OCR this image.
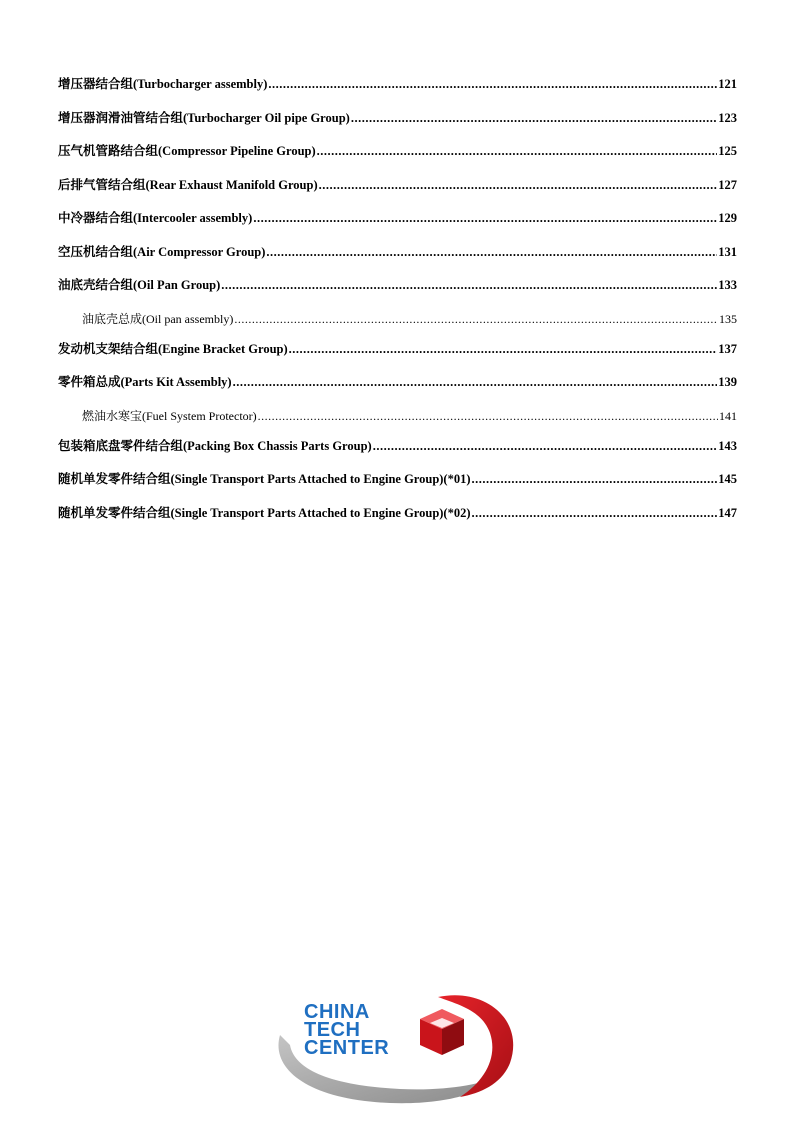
增压器结合组(Turbocharger assembly) .....	121
增压器润滑油管结合组(Turbocharger Oil pipe Group) .....	123
压气机管路结合组(Compressor Pipeline Group) .....	125
后排气管结合组(Rear Exhaust Manifold Group) .....	127
中冷器结合组(Intercooler assembly) .....	129
空压机结合组(Air Compressor Group) .....	131
油底壳结合组(Oil Pan Group) .....	133
油底壳总成(Oil pan assembly) .....	135
发动机支架结合组(Engine Bracket Group) .....	137
零件箱总成(Parts Kit Assembly) .....	139
燃油水寒宝(Fuel System Protector) .....	141
包装箱底盘零件结合组(Packing Box Chassis Parts Group) .....	143
随机单发零件结合组(Single Transport Parts Attached to Engine Group)(*01) .....	145
随机单发零件结合组(Single Transport Parts Attached to Engine Group)(*02) .....	147
CHINA
TECH
CENTER
